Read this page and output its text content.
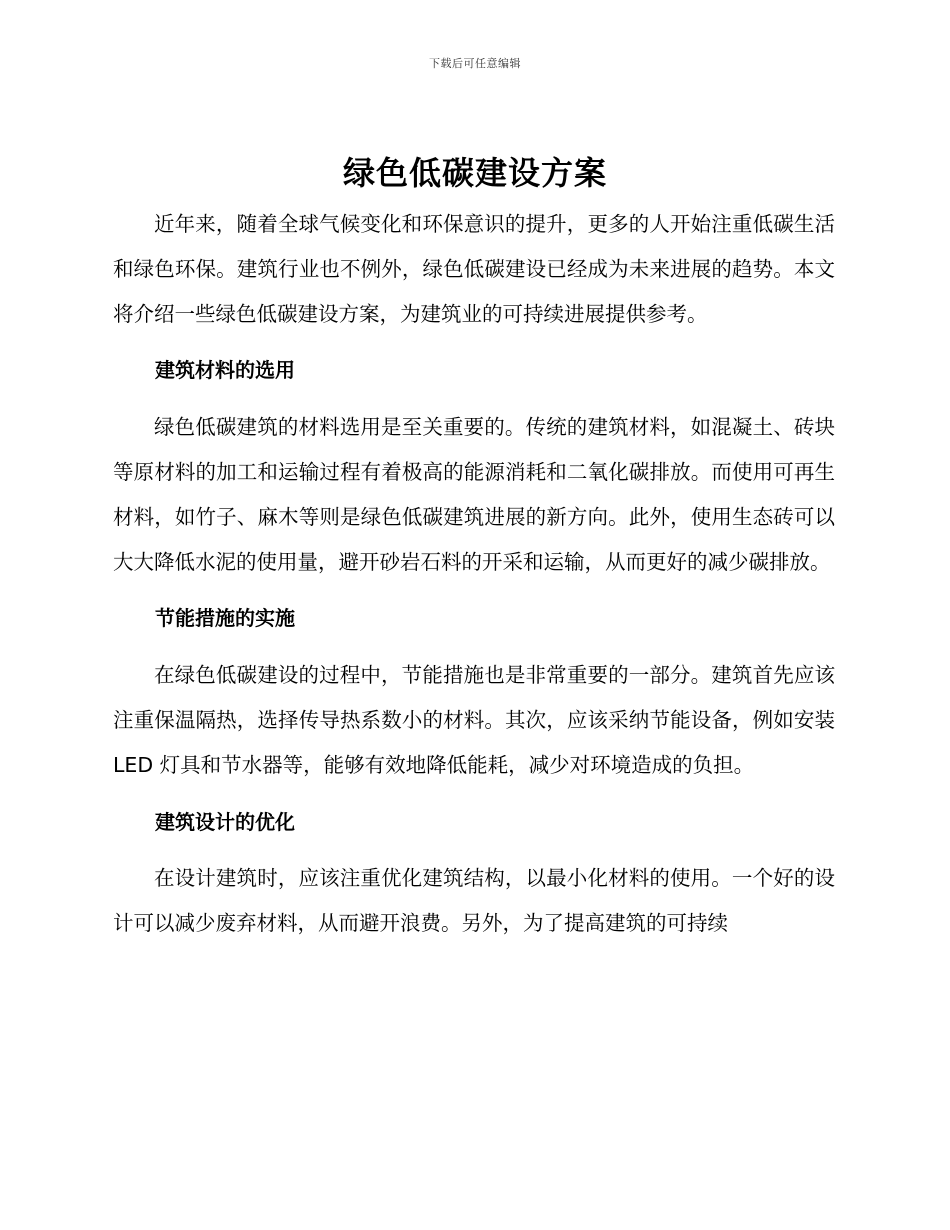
下载后可任意编辑
绿色低碳建设方案

近年来，随着全球气候变化和环保意识的提升，更多的人开始注重低碳生活和绿色环保。建筑行业也不例外，绿色低碳建设已经成为未来进展的趋势。本文将介绍一些绿色低碳建设方案，为建筑业的可持续进展提供参考。

建筑材料的选用

绿色低碳建筑的材料选用是至关重要的。传统的建筑材料，如混凝土、砖块等原材料的加工和运输过程有着极高的能源消耗和二氧化碳排放。而使用可再生材料，如竹子、麻木等则是绿色低碳建筑进展的新方向。此外，使用生态砖可以大大降低水泥的使用量，避开砂岩石料的开采和运输，从而更好的减少碳排放。

节能措施的实施

在绿色低碳建设的过程中，节能措施也是非常重要的一部分。建筑首先应该注重保温隔热，选择传导热系数小的材料。其次，应该采纳节能设备，例如安装 LED 灯具和节水器等，能够有效地降低能耗，减少对环境造成的负担。

建筑设计的优化

在设计建筑时，应该注重优化建筑结构，以最小化材料的使用。一个好的设计可以减少废弃材料，从而避开浪费。另外，为了提高建筑的可持续
